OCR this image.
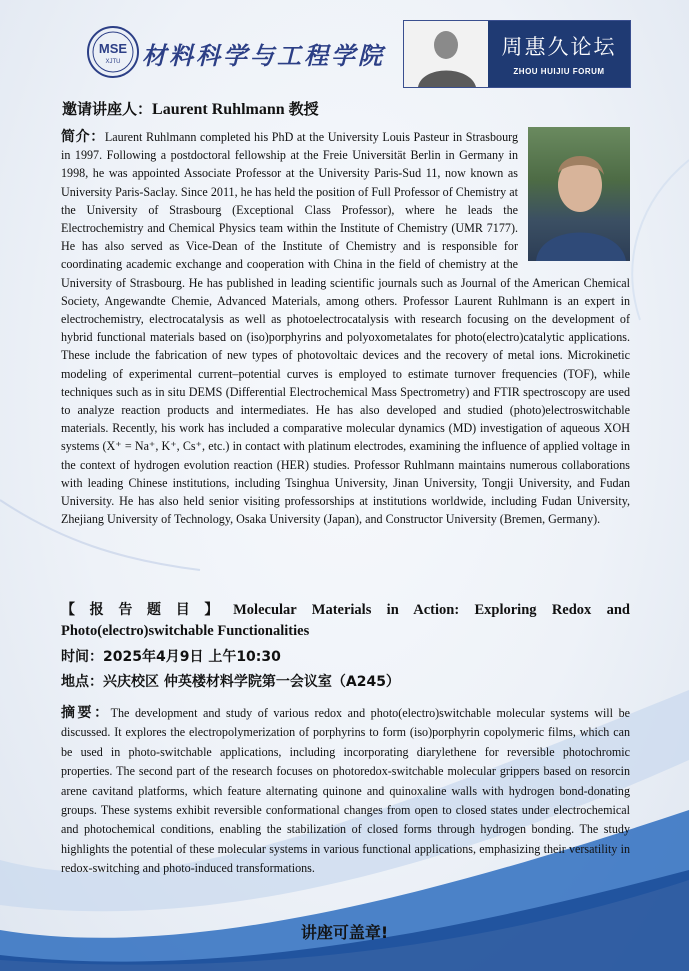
MSE
XJTU 材料科学与工程学院	周惠久论坛
ZHOU HUIJIU FORUM
邀请讲座人：Laurent Ruhlmann 教授
简介：Laurent Ruhlmann completed his PhD at the University Louis Pasteur in Strasbourg in 1997. Following a postdoctoral fellowship at the Freie Universität Berlin in Germany in 1998, he was appointed Associate Professor at the University Paris-Sud 11, now known as University Paris-Saclay. Since 2011, he has held the position of Full Professor of Chemistry at the University of Strasbourg (Exceptional Class Professor), where he leads the Electrochemistry and Chemical Physics team within the Institute of Chemistry (UMR 7177). He has also served as Vice-Dean of the Institute of Chemistry and is responsible for coordinating academic exchange and cooperation with China in the field of chemistry at the University of Strasbourg. He has published in leading scientific journals such as Journal of the American Chemical Society, Angewandte Chemie, Advanced Materials, among others. Professor Laurent Ruhlmann is an expert in electrochemistry, electrocatalysis as well as photoelectrocatalysis with research focusing on the development of hybrid functional materials based on (iso)porphyrins and polyoxometalates for photo(electro)catalytic applications. These include the fabrication of new types of photovoltaic devices and the recovery of metal ions. Microkinetic modeling of experimental current–potential curves is employed to estimate turnover frequencies (TOF), while techniques such as in situ DEMS (Differential Electrochemical Mass Spectrometry) and FTIR spectroscopy are used to analyze reaction products and intermediates. He has also developed and studied (photo)electroswitchable materials. Recently, his work has included a comparative molecular dynamics (MD) investigation of aqueous XOH systems (X⁺ = Na⁺, K⁺, Cs⁺, etc.) in contact with platinum electrodes, examining the influence of applied voltage in the context of hydrogen evolution reaction (HER) studies. Professor Ruhlmann maintains numerous collaborations with leading Chinese institutions, including Tsinghua University, Jinan University, Tongji University, and Fudan University. He has also held senior visiting professorships at institutions worldwide, including Fudan University, Zhejiang University of Technology, Osaka University (Japan), and Constructor University (Bremen, Germany).
【报告题目】Molecular Materials in Action: Exploring Redox and Photo(electro)switchable Functionalities
时间：2025年4月9日 上午10:30
地点：兴庆校区 仲英楼材料学院第一会议室（A245）
摘要：The development and study of various redox and photo(electro)switchable molecular systems will be discussed. It explores the electropolymerization of porphyrins to form (iso)porphyrin copolymeric films, which can be used in photo-switchable applications, including incorporating diarylethene for reversible photochromic properties. The second part of the research focuses on photoredox-switchable molecular grippers based on resorcin arene cavitand platforms, which feature alternating quinone and quinoxaline walls with hydrogen bond-donating groups. These systems exhibit reversible conformational changes from open to closed states under electrochemical and photochemical conditions, enabling the stabilization of closed forms through hydrogen bonding. The study highlights the potential of these molecular systems in various functional applications, emphasizing their versatility in redox-switching and photo-induced transformations.
讲座可盖章!
